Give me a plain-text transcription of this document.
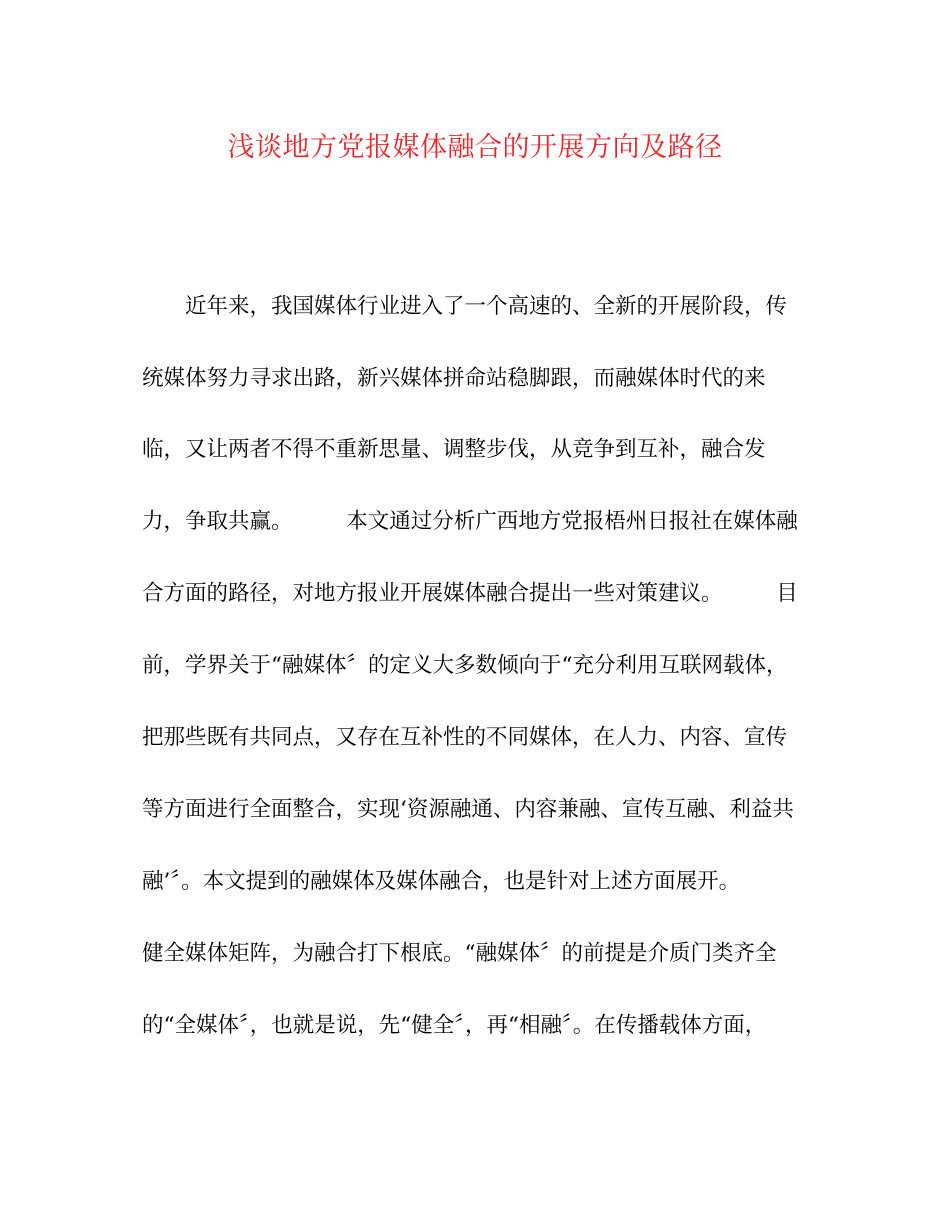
浅谈地方党报媒体融合的开展方向及路径
　　近年来，我国媒体行业进入了一个高速的、全新的开展阶段，传
统媒体努力寻求出路，新兴媒体拼命站稳脚跟，而融媒体时代的来
临，又让两者不得不重新思量、调整步伐，从竞争到互补，融合发
力，争取共赢。　　　本文通过分析广西地方党报梧州日报社在媒体融
合方面的路径，对地方报业开展媒体融合提出一些对策建议。　　　目
前，学界关于“融媒体〞的定义大多数倾向于“充分利用互联网载体，
把那些既有共同点，又存在互补性的不同媒体，在人力、内容、宣传
等方面进行全面整合，实现‘资源融通、内容兼融、宣传互融、利益共
融’〞。本文提到的融媒体及媒体融合，也是针对上述方面展开。
健全媒体矩阵，为融合打下根底。“融媒体〞的前提是介质门类齐全
的“全媒体〞，也就是说，先“健全〞，再“相融〞。在传播载体方面，
